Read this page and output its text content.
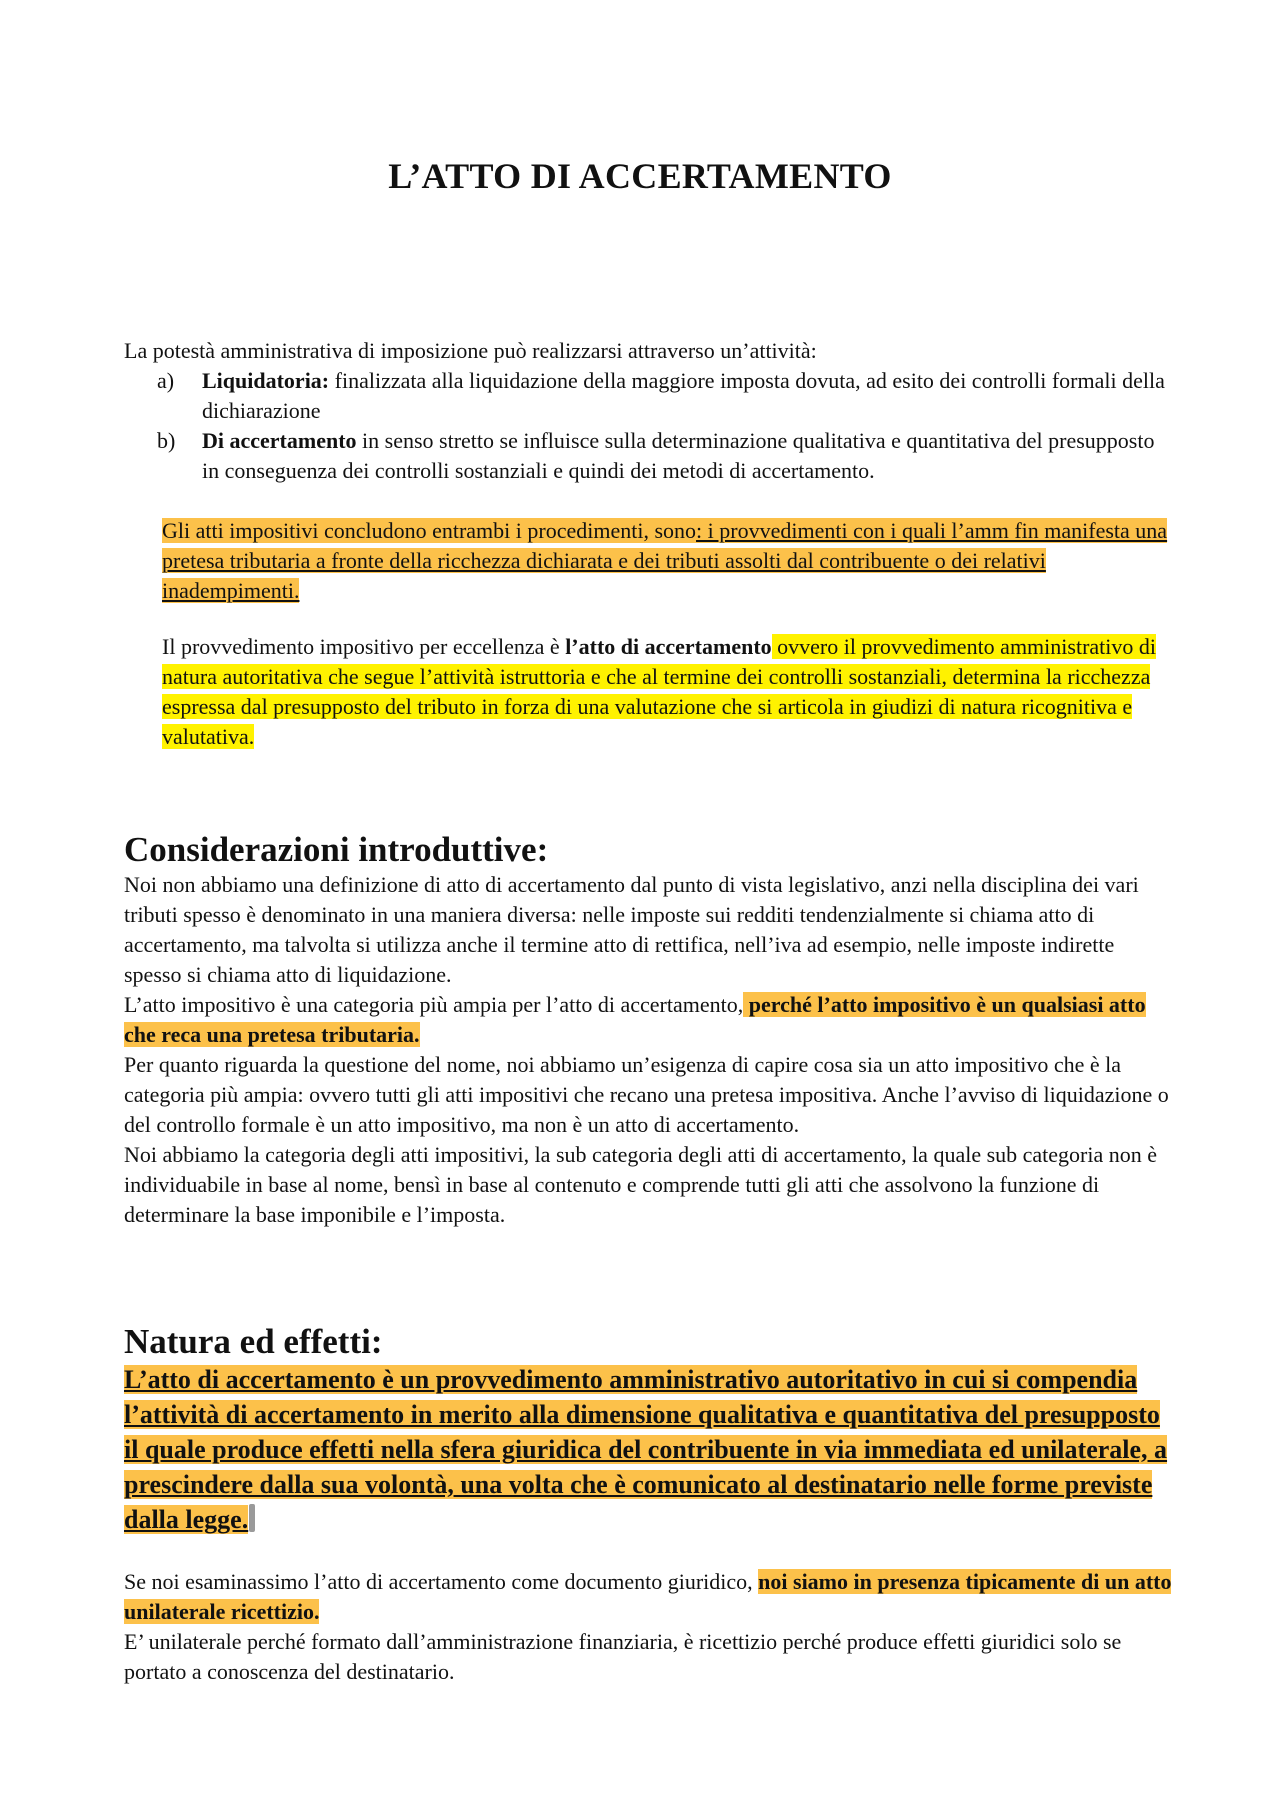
L’ATTO DI ACCERTAMENTO
La potestà amministrativa di imposizione può realizzarsi attraverso un’attività:
a)	Liquidatoria: finalizzata alla liquidazione della maggiore imposta dovuta, ad esito dei controlli formali della dichiarazione
b)	Di accertamento in senso stretto se influisce sulla determinazione qualitativa e quantitativa del presupposto in conseguenza dei controlli sostanziali e quindi dei metodi di accertamento.
Gli atti impositivi concludono entrambi i procedimenti, sono: i provvedimenti con i quali l’amm fin manifesta una pretesa tributaria a fronte della ricchezza dichiarata e dei tributi assolti dal contribuente o dei relativi inadempimenti.
Il provvedimento impositivo per eccellenza è l’atto di accertamento ovvero il provvedimento amministrativo di natura autoritativa che segue l’attività istruttoria e che al termine dei controlli sostanziali, determina la ricchezza espressa dal presupposto del tributo in forza di una valutazione che si articola in giudizi di natura ricognitiva e valutativa.
Considerazioni introduttive:
Noi non abbiamo una definizione di atto di accertamento dal punto di vista legislativo, anzi nella disciplina dei vari tributi spesso è denominato in una maniera diversa: nelle imposte sui redditi tendenzialmente si chiama atto di accertamento, ma talvolta si utilizza anche il termine atto di rettifica, nell’iva ad esempio, nelle imposte indirette spesso si chiama atto di liquidazione.
L’atto impositivo è una categoria più ampia per l’atto di accertamento, perché l’atto impositivo è un qualsiasi atto che reca una pretesa tributaria.
Per quanto riguarda la questione del nome, noi abbiamo un’esigenza di capire cosa sia un atto impositivo che è la categoria più ampia: ovvero tutti gli atti impositivi che recano una pretesa impositiva. Anche l’avviso di liquidazione o del controllo formale è un atto impositivo, ma non è un atto di accertamento.
Noi abbiamo la categoria degli atti impositivi, la sub categoria degli atti di accertamento, la quale sub categoria non è individuabile in base al nome, bensì in base al contenuto e comprende tutti gli atti che assolvono la funzione di determinare la base imponibile e l’imposta.
Natura ed effetti:
L’atto di accertamento è un provvedimento amministrativo autoritativo in cui si compendia l’attività di accertamento in merito alla dimensione qualitativa e quantitativa del presupposto il quale produce effetti nella sfera giuridica del contribuente in via immediata ed unilaterale, a prescindere dalla sua volontà, una volta che è comunicato al destinatario nelle forme previste dalla legge.
Se noi esaminassimo l’atto di accertamento come documento giuridico, noi siamo in presenza tipicamente di un atto unilaterale ricettizio.
E’ unilaterale perché formato dall’amministrazione finanziaria, è ricettizio perché produce effetti giuridici solo se portato a conoscenza del destinatario.
